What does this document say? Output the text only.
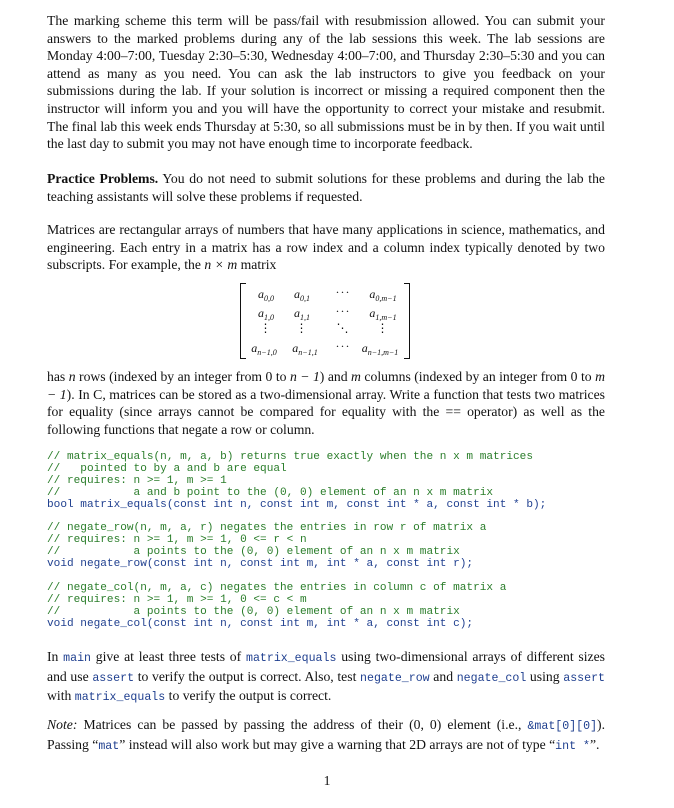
The marking scheme this term will be pass/fail with resubmission allowed. You can submit your answers to the marked problems during any of the lab sessions this week. The lab sessions are Monday 4:00–7:00, Tuesday 2:30–5:30, Wednesday 4:00–7:00, and Thursday 2:30–5:30 and you can attend as many as you need. You can ask the lab instructors to give you feedback on your submissions during the lab. If your solution is incorrect or missing a required component then the instructor will inform you and you will have the opportunity to correct your mistake and resubmit. The final lab this week ends Thursday at 5:30, so all submissions must be in by then. If you wait until the last day to submit you may not have enough time to incorporate feedback.

Practice Problems. You do not need to submit solutions for these problems and during the lab the teaching assistants will solve these problems if requested.

Matrices are rectangular arrays of numbers that have many applications in science, mathematics, and engineering. Each entry in a matrix has a row index and a column index typically denoted by two subscripts. For example, the n × m matrix

$a_{0,0}$ $a_{0,1}$ ··· $a_{0,m-1}$
$a_{1,0}$ $a_{1,1}$ ··· $a_{1,m-1}$
⋮ ⋮ ⋱ ⋮
$a_{n-1,0}$ $a_{n-1,1}$ ··· $a_{n-1,m-1}$

has n rows (indexed by an integer from 0 to n − 1) and m columns (indexed by an integer from 0 to m − 1). In C, matrices can be stored as a two-dimensional array. Write a function that tests two matrices for equality (since arrays cannot be compared for equality with the == operator) as well as the following functions that negate a row or column.

// matrix_equals(n, m, a, b) returns true exactly when the n x m matrices
//   pointed to by a and b are equal
// requires: n >= 1, m >= 1
//           a and b point to the (0, 0) element of an n x m matrix
bool matrix_equals(const int n, const int m, const int * a, const int * b);
// negate_row(n, m, a, r) negates the entries in row r of matrix a
// requires: n >= 1, m >= 1, 0 <= r < n
//           a points to the (0, 0) element of an n x m matrix
void negate_row(const int n, const int m, int * a, const int r);
// negate_col(n, m, a, c) negates the entries in column c of matrix a
// requires: n >= 1, m >= 1, 0 <= c < m
//           a points to the (0, 0) element of an n x m matrix
void negate_col(const int n, const int m, int * a, const int c);

In main give at least three tests of matrix_equals using two-dimensional arrays of different sizes and use assert to verify the output is correct. Also, test negate_row and negate_col using assert with matrix_equals to verify the output is correct.

Note: Matrices can be passed by passing the address of their (0, 0) element (i.e., &mat[0][0]). Passing “mat” instead will also work but may give a warning that 2D arrays are not of type “int *”.

1
